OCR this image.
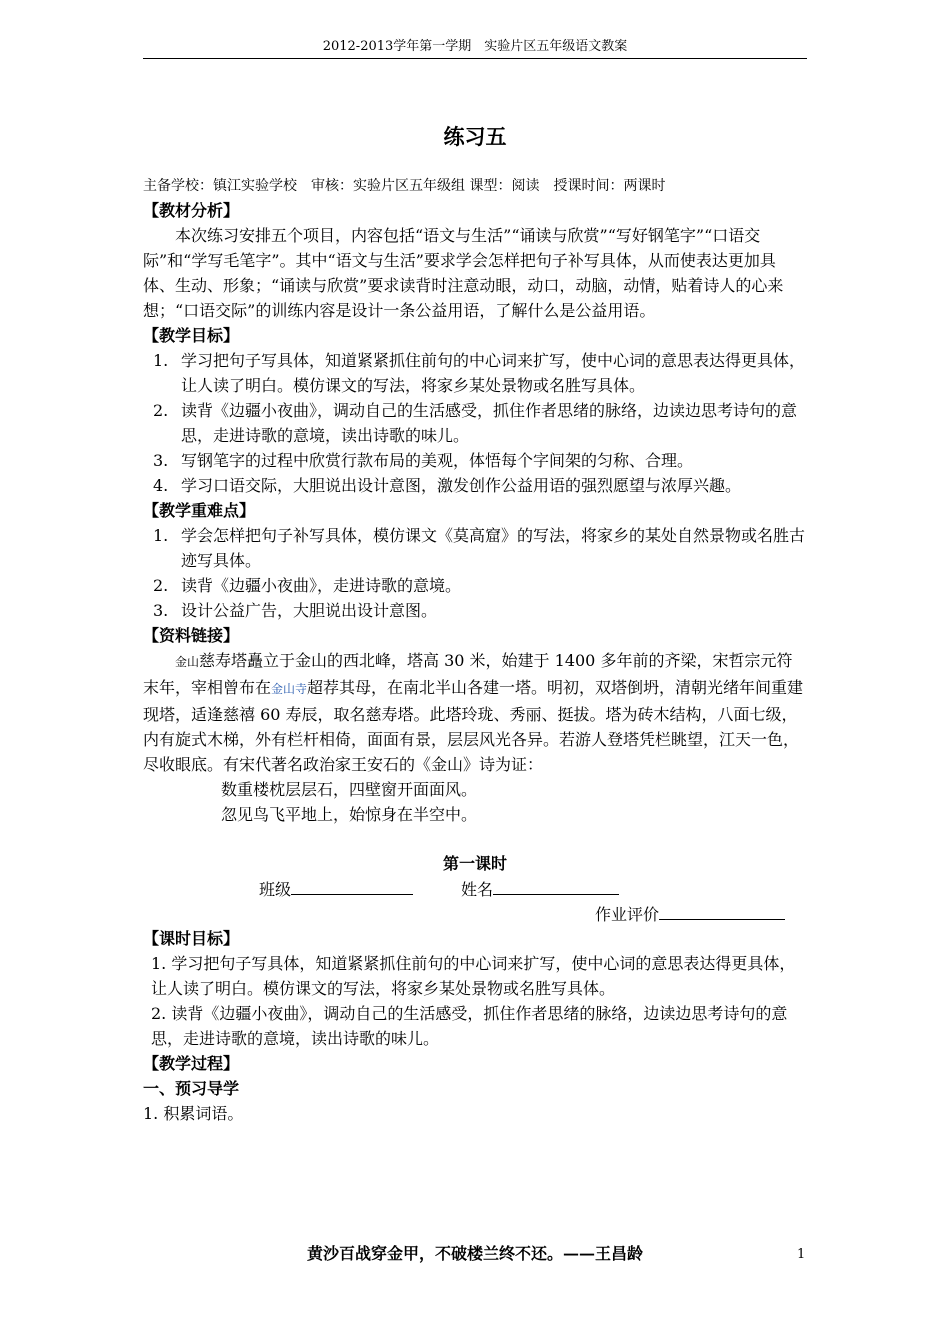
2012-2013学年第一学期　实验片区五年级语文教案
练习五
主备学校：镇江实验学校　审核：实验片区五年级组 课型：阅读　授课时间：两课时
【教材分析】

本次练习安排五个项目，内容包括“语文与生活”“诵读与欣赏”“写好钢笔字”“口语交际”和“学写毛笔字”。其中“语文与生活”要求学会怎样把句子补写具体，从而使表达更加具体、生动、形象；“诵读与欣赏”要求读背时注意动眼，动口，动脑，动情，贴着诗人的心来想；“口语交际”的训练内容是设计一条公益用语，了解什么是公益用语。

【教学目标】
1. 学习把句子写具体，知道紧紧抓住前句的中心词来扩写，使中心词的意思表达得更具体，让人读了明白。模仿课文的写法，将家乡某处景物或名胜写具体。
2. 读背《边疆小夜曲》，调动自己的生活感受，抓住作者思绪的脉络，边读边思考诗句的意思，走进诗歌的意境，读出诗歌的味儿。
3. 写钢笔字的过程中欣赏行款布局的美观，体悟每个字间架的匀称、合理。
4. 学习口语交际，大胆说出设计意图，激发创作公益用语的强烈愿望与浓厚兴趣。
【教学重难点】
1. 学会怎样把句子补写具体，模仿课文《莫高窟》的写法，将家乡的某处自然景物或名胜古迹写具体。
2. 读背《边疆小夜曲》，走进诗歌的意境。
3. 设计公益广告，大胆说出设计意图。
【资料链接】

金山慈寿塔矗立于金山的西北峰，塔高 30 米，始建于 1400 多年前的齐梁，宋哲宗元符末年，宰相曾布在金山寺超荐其母，在南北半山各建一塔。明初，双塔倒坍，清朝光绪年间重建现塔，适逢慈禧 60 寿辰，取名慈寿塔。此塔玲珑、秀丽、挺拔。塔为砖木结构，八面七级，内有旋式木梯，外有栏杆相倚，面面有景，层层风光各异。若游人登塔凭栏眺望，江天一色，尽收眼底。有宋代著名政治家王安石的《金山》诗为证：

数重楼枕层层石，四壁窗开面面风。
忽见鸟飞平地上，始惊身在半空中。
第一课时
班级	姓名
作业评价
【课时目标】
1. 学习把句子写具体，知道紧紧抓住前句的中心词来扩写，使中心词的意思表达得更具体，让人读了明白。模仿课文的写法，将家乡某处景物或名胜写具体。
2. 读背《边疆小夜曲》，调动自己的生活感受，抓住作者思绪的脉络，边读边思考诗句的意思，走进诗歌的意境，读出诗歌的味儿。
【教学过程】
一、预习导学
1. 积累词语。
黄沙百战穿金甲，不破楼兰终不还。——王昌龄	1
